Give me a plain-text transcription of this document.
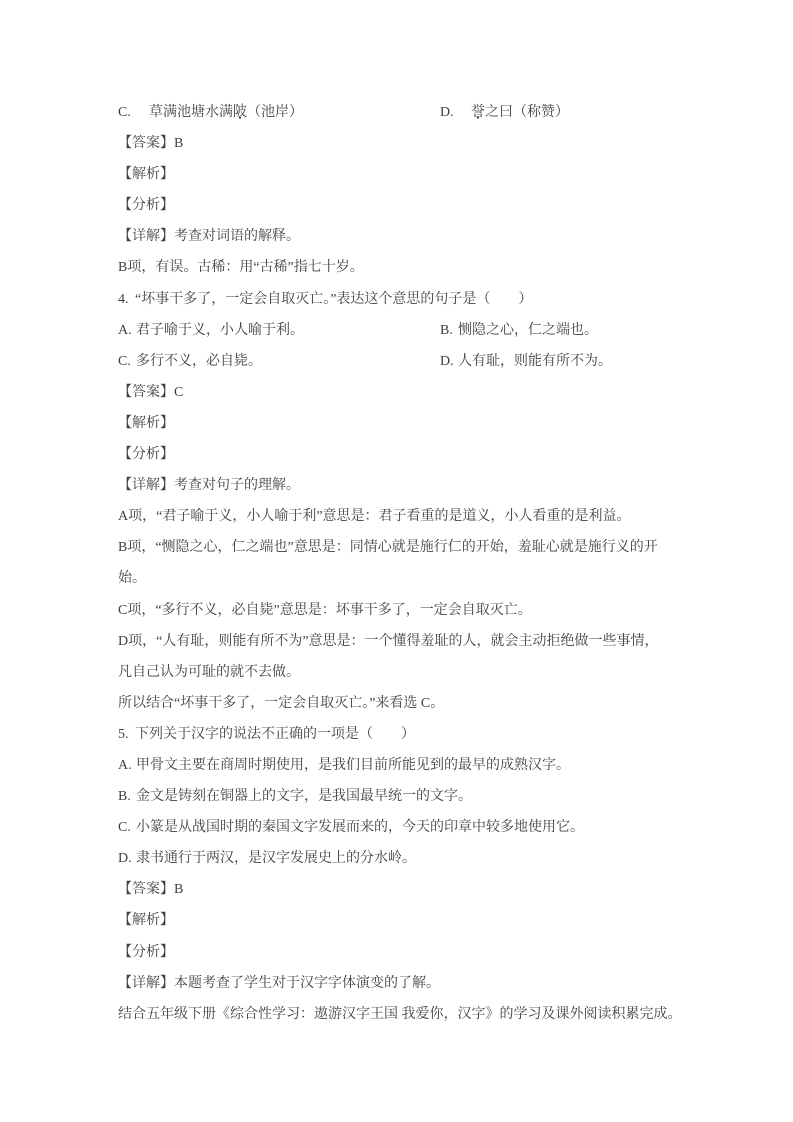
C. 草满池塘水满陂（池岸）	D. 誉之曰（称赞）
【答案】B
【解析】
【分析】
【详解】考查对词语的解释。
B项，有误。古稀：用“古稀”指七十岁。
4. “坏事干多了，一定会自取灭亡。”表达这个意思的句子是（　　）
A. 君子喻于义，小人喻于利。	B. 恻隐之心，仁之端也。
C. 多行不义，必自毙。	D. 人有耻，则能有所不为。
【答案】C
【解析】
【分析】
【详解】考查对句子的理解。
A项，“君子喻于义，小人喻于利”意思是：君子看重的是道义，小人看重的是利益。
B项，“恻隐之心，仁之端也”意思是：同情心就是施行仁的开始，羞耻心就是施行义的开
始。
C项，“多行不义，必自毙”意思是：坏事干多了，一定会自取灭亡。
D项，“人有耻，则能有所不为”意思是：一个懂得羞耻的人，就会主动拒绝做一些事情，
凡自己认为可耻的就不去做。
所以结合“坏事干多了，一定会自取灭亡。”来看选 C。
5. 下列关于汉字的说法不正确的一项是（　　）
A. 甲骨文主要在商周时期使用，是我们目前所能见到的最早的成熟汉字。
B. 金文是铸刻在铜器上的文字，是我国最早统一的文字。
C. 小篆是从战国时期的秦国文字发展而来的，今天的印章中较多地使用它。
D. 隶书通行于两汉，是汉字发展史上的分水岭。
【答案】B
【解析】
【分析】
【详解】本题考查了学生对于汉字字体演变的了解。
结合五年级下册《综合性学习：遨游汉字王国 我爱你，汉字》的学习及课外阅读积累完成。
